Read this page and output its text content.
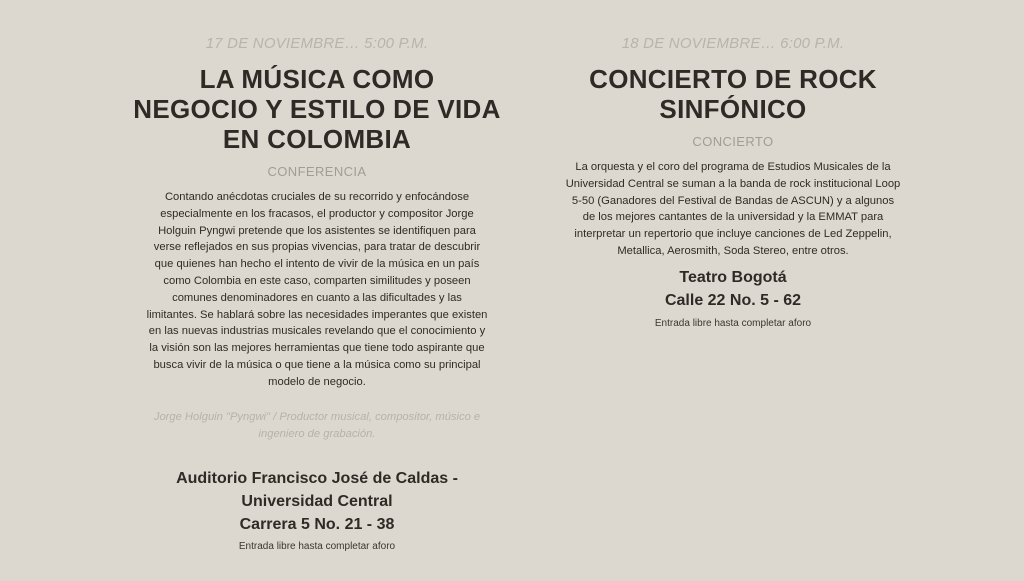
17 DE NOVIEMBRE… 5:00 P.M.

LA MÚSICA COMO
NEGOCIO Y ESTILO DE VIDA
EN COLOMBIA

CONFERENCIA

Contando anécdotas cruciales de su recorrido y enfocándose
especialmente en los fracasos, el productor y compositor Jorge
Holguin Pyngwi pretende que los asistentes se identifiquen para
verse reflejados en sus propias vivencias, para tratar de descubrir
que quienes han hecho el intento de vivir de la música en un país
como Colombia en este caso, comparten similitudes y poseen
comunes denominadores en cuanto a las dificultades y las
limitantes. Se hablará sobre las necesidades imperantes que existen
en las nuevas industrias musicales revelando que el conocimiento y
la visión son las mejores herramientas que tiene todo aspirante que
busca vivir de la música o que tiene a la música como su principal
modelo de negocio.

Jorge Holguin "Pyngwi" / Productor musical, compositor, músico e
ingeniero de grabación.

Auditorio Francisco José de Caldas -
Universidad Central
Carrera 5 No. 21 - 38

Entrada libre hasta completar aforo

18 DE NOVIEMBRE… 6:00 P.M.

CONCIERTO DE ROCK
SINFÓNICO

CONCIERTO

La orquesta y el coro del programa de Estudios Musicales de la
Universidad Central se suman a la banda de rock institucional Loop
5-50 (Ganadores del Festival de Bandas de ASCUN) y a algunos
de los mejores cantantes de la universidad y la EMMAT para
interpretar un repertorio que incluye canciones de Led Zeppelin,
Metallica, Aerosmith, Soda Stereo, entre otros.

Teatro Bogotá
Calle 22 No. 5 - 62

Entrada libre hasta completar aforo
